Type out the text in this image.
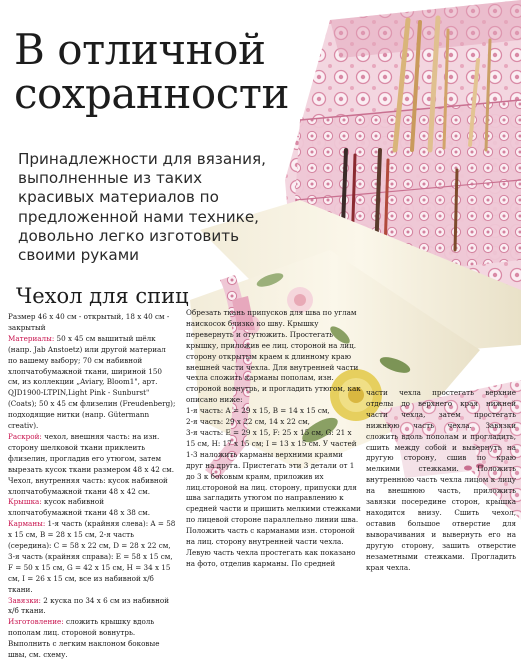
В отличной
сохранности
Принадлежности для вязания, выполненные из таких красивых материалов по предложенной нами технике, довольно легко изготовить своими руками
Чехол для спиц

Размер 46 х 40 см - открытый, 18 х 40 см - закрытый

Материалы: 50 х 45 см вышитый шёлк (напр. Jab Anstoetz) или другой материал по вашему выбору; 70 см набивной хлопчатобумажной ткани, шириной 150 см, из коллекции „Aviary, Bloom1", арт. QJD1900-LTPIN,Light Pink - Sunburst" (Coats); 50 х 45 см флизелин (Freudenberg); подходящие нитки (напр. Gütermann creativ).

Раскрой: чехол, внешняя часть: на изн. сторону шелковой ткани приклеить флизелин, прогладив его утюгом, затем вырезать кусок ткани размером 48 х 42 см. Чехол, внутренняя часть: кусок набивной хлопчатобумажной ткани 48 х 42 см.

Крышка: кусок набивной хлопчатобумажной ткани 48 х 38 см.

Карманы: 1-я часть (крайняя слева): A = 58 x 15 см, B = 28 x 15 см, 2-я часть (середина): C = 58 x 22 см, D = 28 x 22 см, 3-я часть (крайняя справа): E = 58 x 15 см, F = 50 x 15 см, G = 42 x 15 см, H = 34 x 15 см, I = 26 x 15 см, все из набивной х/б ткани.

Завязки: 2 куска по 34 х 6 см из набивной х/б ткани.

Изготовление: сложить крышку вдоль пополам лиц. стороной вовнутрь. Выполнить с легким наклоном боковые швы, см. схему.

Обрезать ткань припусков для шва по углам наискосок близко ко шву. Крышку перевернуть и отутюжить. Простегать крышку, приложив ее лиц. стороной на лиц. сторону открытым краем к длинному краю внешней части чехла. Для внутренней части чехла сложить карманы пополам, изн. стороной вовнутрь, и прогладить утюгом, как описано ниже:

1-я часть: A = 29 x 15, B = 14 x 15 см,

2-я часть: 29 x 22 см, 14 x 22 см,

3-я часть: E = 29 x 15, F: 25 x 15 см, G: 21 x 15 см, H: 17 x 15 см; I = 13 x 15 см. У частей 1-3 наложить карманы верхними краями друг на друга. Пристегать эти 3 детали от 1 до 3 к боковым краям, приложив их лиц.стороной на лиц. сторону, припуски для шва загладить утюгом по направлению к средней части и пришить мелкими стежками по лицевой стороне параллельно линии шва. Положить часть с карманами изн. стороной на лиц. сторону внутренней части чехла.

Левую часть чехла простегать как показано на фото, отделив карманы. По средней

части чехла простегать верхние отделы до верхнего края нижней части чехла, затем простегать нижнюю часть чехла. Завязки сложить вдоль пополам и прогладить, сшить между собой и вывернуть на другую сторону, сшив по краю мелкими стежками. Положить внутреннюю часть чехла лицом к лицу на внешнюю часть, приложить завязки посередине сторон, крышка находится внизу. Сшить чехол, оставив большое отверстие для выворачивания и вывернуть его на другую сторону, зашить отверстие незаметными стежками. Прогладить края чехла.
